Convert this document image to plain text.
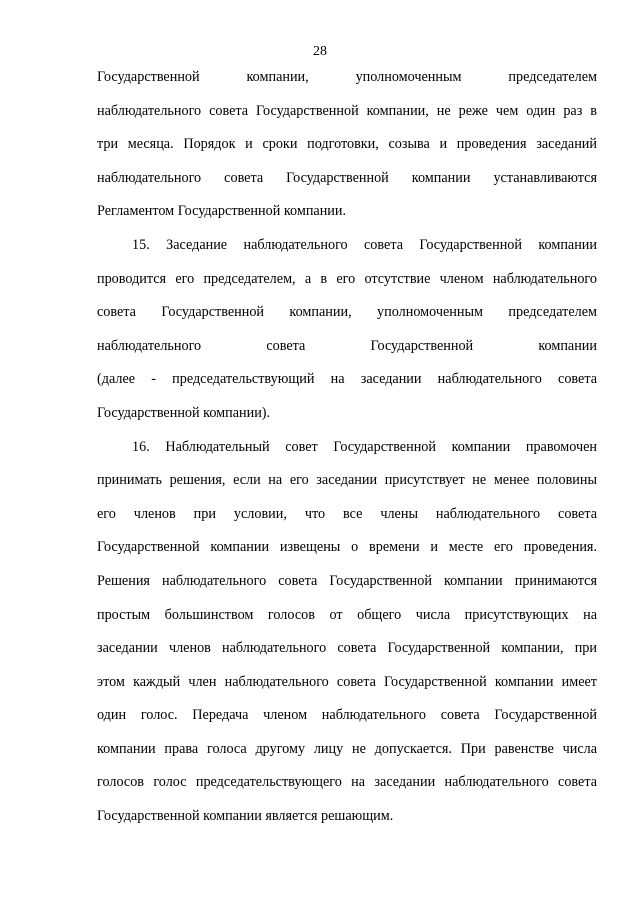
28
Государственной компании, уполномоченным председателем
наблюдательного совета Государственной компании, не реже чем один раз в
три месяца. Порядок и сроки подготовки, созыва и проведения заседаний
наблюдательного совета Государственной компании устанавливаются
Регламентом Государственной компании.
15. Заседание наблюдательного совета Государственной компании
проводится его председателем, а в его отсутствие членом наблюдательного
совета Государственной компании, уполномоченным председателем
наблюдательного совета Государственной компании
(далее - председательствующий на заседании наблюдательного совета
Государственной компании).
16. Наблюдательный совет Государственной компании правомочен
принимать решения, если на его заседании присутствует не менее половины
его членов при условии, что все члены наблюдательного совета
Государственной компании извещены о времени и месте его проведения.
Решения наблюдательного совета Государственной компании принимаются
простым большинством голосов от общего числа присутствующих на
заседании членов наблюдательного совета Государственной компании, при
этом каждый член наблюдательного совета Государственной компании имеет
один голос. Передача членом наблюдательного совета Государственной
компании права голоса другому лицу не допускается. При равенстве числа
голосов голос председательствующего на заседании наблюдательного совета
Государственной компании является решающим.
